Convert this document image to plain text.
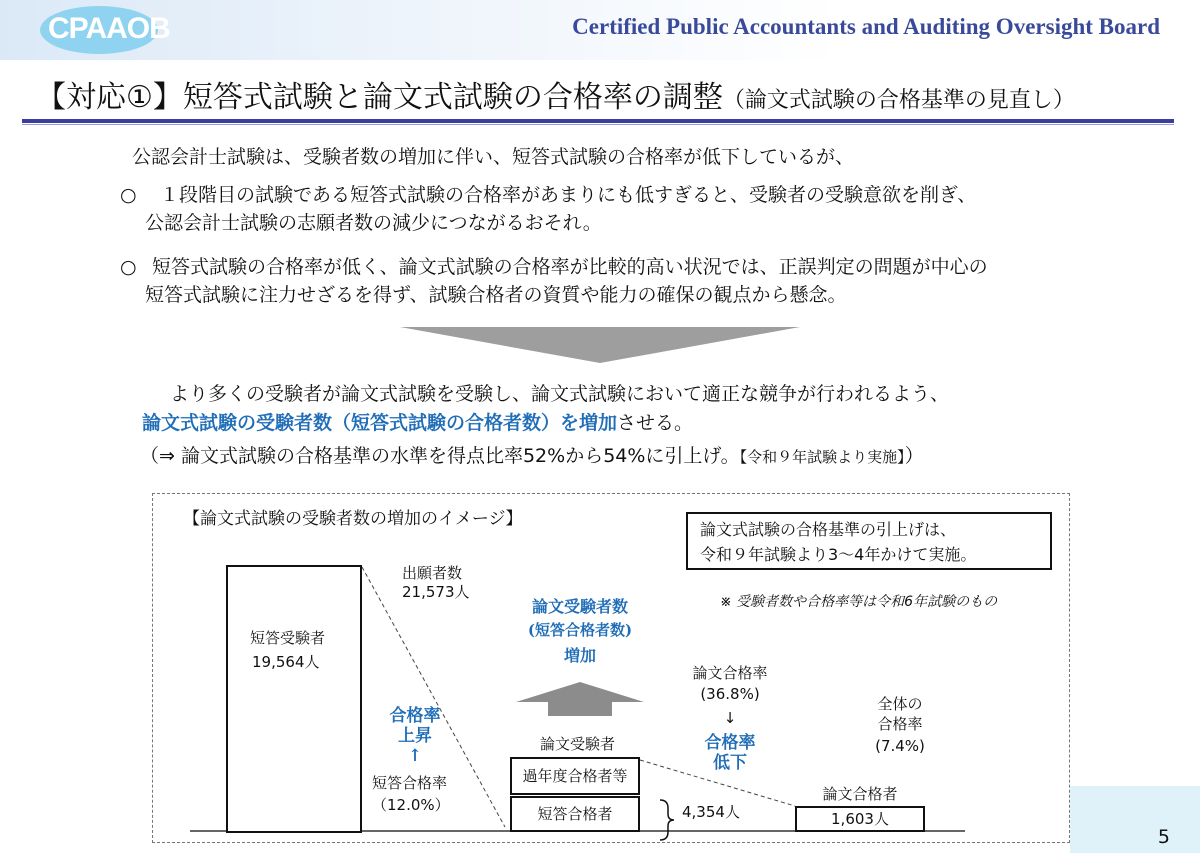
CPAAOB	Certified Public Accountants and Auditing Oversight Board
【対応①】短答式試験と論文式試験の合格率の調整（論文式試験の合格基準の見直し）
公認会計士試験は、受験者数の増加に伴い、短答式試験の合格率が低下しているが、
○ １段階目の試験である短答式試験の合格率があまりにも低すぎると、受験者の受験意欲を削ぎ、
公認会計士試験の志願者数の減少につながるおそれ。
○ 短答式試験の合格率が低く、論文式試験の合格率が比較的高い状況では、正誤判定の問題が中心の
短答式試験に注力せざるを得ず、試験合格者の資質や能力の確保の観点から懸念。
より多くの受験者が論文式試験を受験し、論文式試験において適正な競争が行われるよう、
論文式試験の受験者数（短答式試験の合格者数）を増加させる。
（⇒ 論文式試験の合格基準の水準を得点比率52%から54%に引上げ。【令和９年試験より実施】）
【論文式試験の受験者数の増加のイメージ】
論文式試験の合格基準の引上げは、
令和９年試験より3～4年かけて実施。
※ 受験者数や合格率等は令和6年試験のもの
短答受験者
19,564人
出願者数
21,573人
合格率
上昇
↑
短答合格率
（12.0%）
論文受験者数
(短答合格者数)
増加
論文受験者
過年度合格者等
短答合格者	4,354人
論文合格率
(36.8%)
↓
合格率
低下
全体の
合格率
(7.4%)
論文合格者
1,603人
5
